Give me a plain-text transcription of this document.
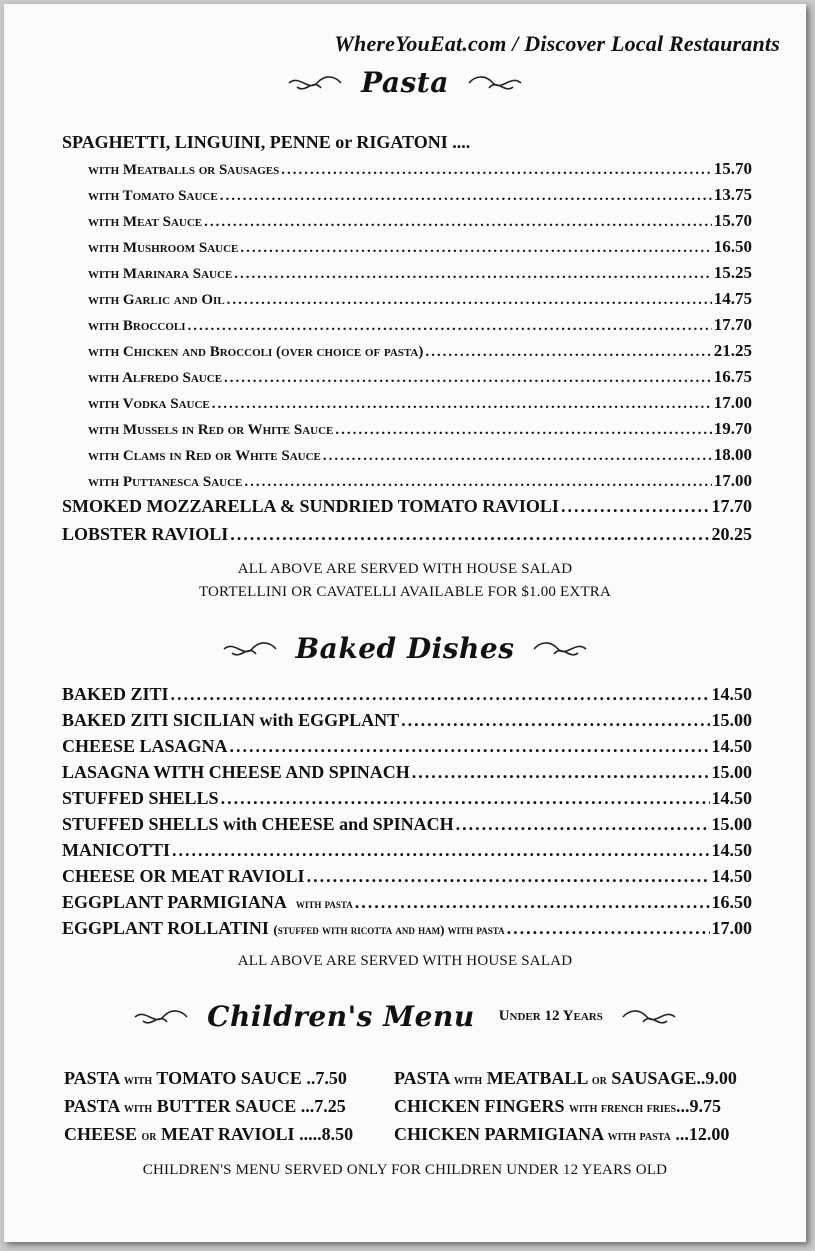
WhereYouEat.com / Discover Local Restaurants
Pasta
SPAGHETTI, LINGUINI, PENNE or RIGATONI ....
with Meatballs or Sausages .....	15.70
with Tomato Sauce .....	13.75
with Meat Sauce .....	15.70
with Mushroom Sauce .....	16.50
with Marinara Sauce .....	15.25
with Garlic and Oil .....	14.75
with Broccoli .....	17.70
with Chicken and Broccoli (over choice of pasta) .....	21.25
with Alfredo Sauce .....	16.75
with Vodka Sauce .....	17.00
with Mussels in Red or White Sauce .....	19.70
with Clams in Red or White Sauce .....	18.00
with Puttanesca Sauce .....	17.00
SMOKED MOZZARELLA & SUNDRIED TOMATO RAVIOLI .....	17.70
LOBSTER RAVIOLI .....	20.25
ALL ABOVE ARE SERVED WITH HOUSE SALAD
TORTELLINI OR CAVATELLI AVAILABLE FOR $1.00 EXTRA
Baked Dishes
BAKED ZITI .....	14.50
BAKED ZITI SICILIAN with EGGPLANT .....	15.00
CHEESE LASAGNA .....	14.50
LASAGNA WITH CHEESE AND SPINACH .....	15.00
STUFFED SHELLS .....	14.50
STUFFED SHELLS with CHEESE and SPINACH .....	15.00
MANICOTTI .....	14.50
CHEESE OR MEAT RAVIOLI .....	14.50
EGGPLANT PARMIGIANA
with pasta .....	16.50
EGGPLANT ROLLATINI
(stuffed with ricotta and ham) with pasta .....	17.00
ALL ABOVE ARE SERVED WITH HOUSE SALAD
Children's Menu Under 12 Years
PASTA with TOMATO SAUCE ..7.50
PASTA with BUTTER SAUCE ...7.25
CHEESE or MEAT RAVIOLI .....8.50
PASTA with MEATBALL or SAUSAGE..9.00
CHICKEN FINGERS with french fries...9.75
CHICKEN PARMIGIANA with pasta ...12.00
CHILDREN'S MENU SERVED ONLY FOR CHILDREN UNDER 12 YEARS OLD
